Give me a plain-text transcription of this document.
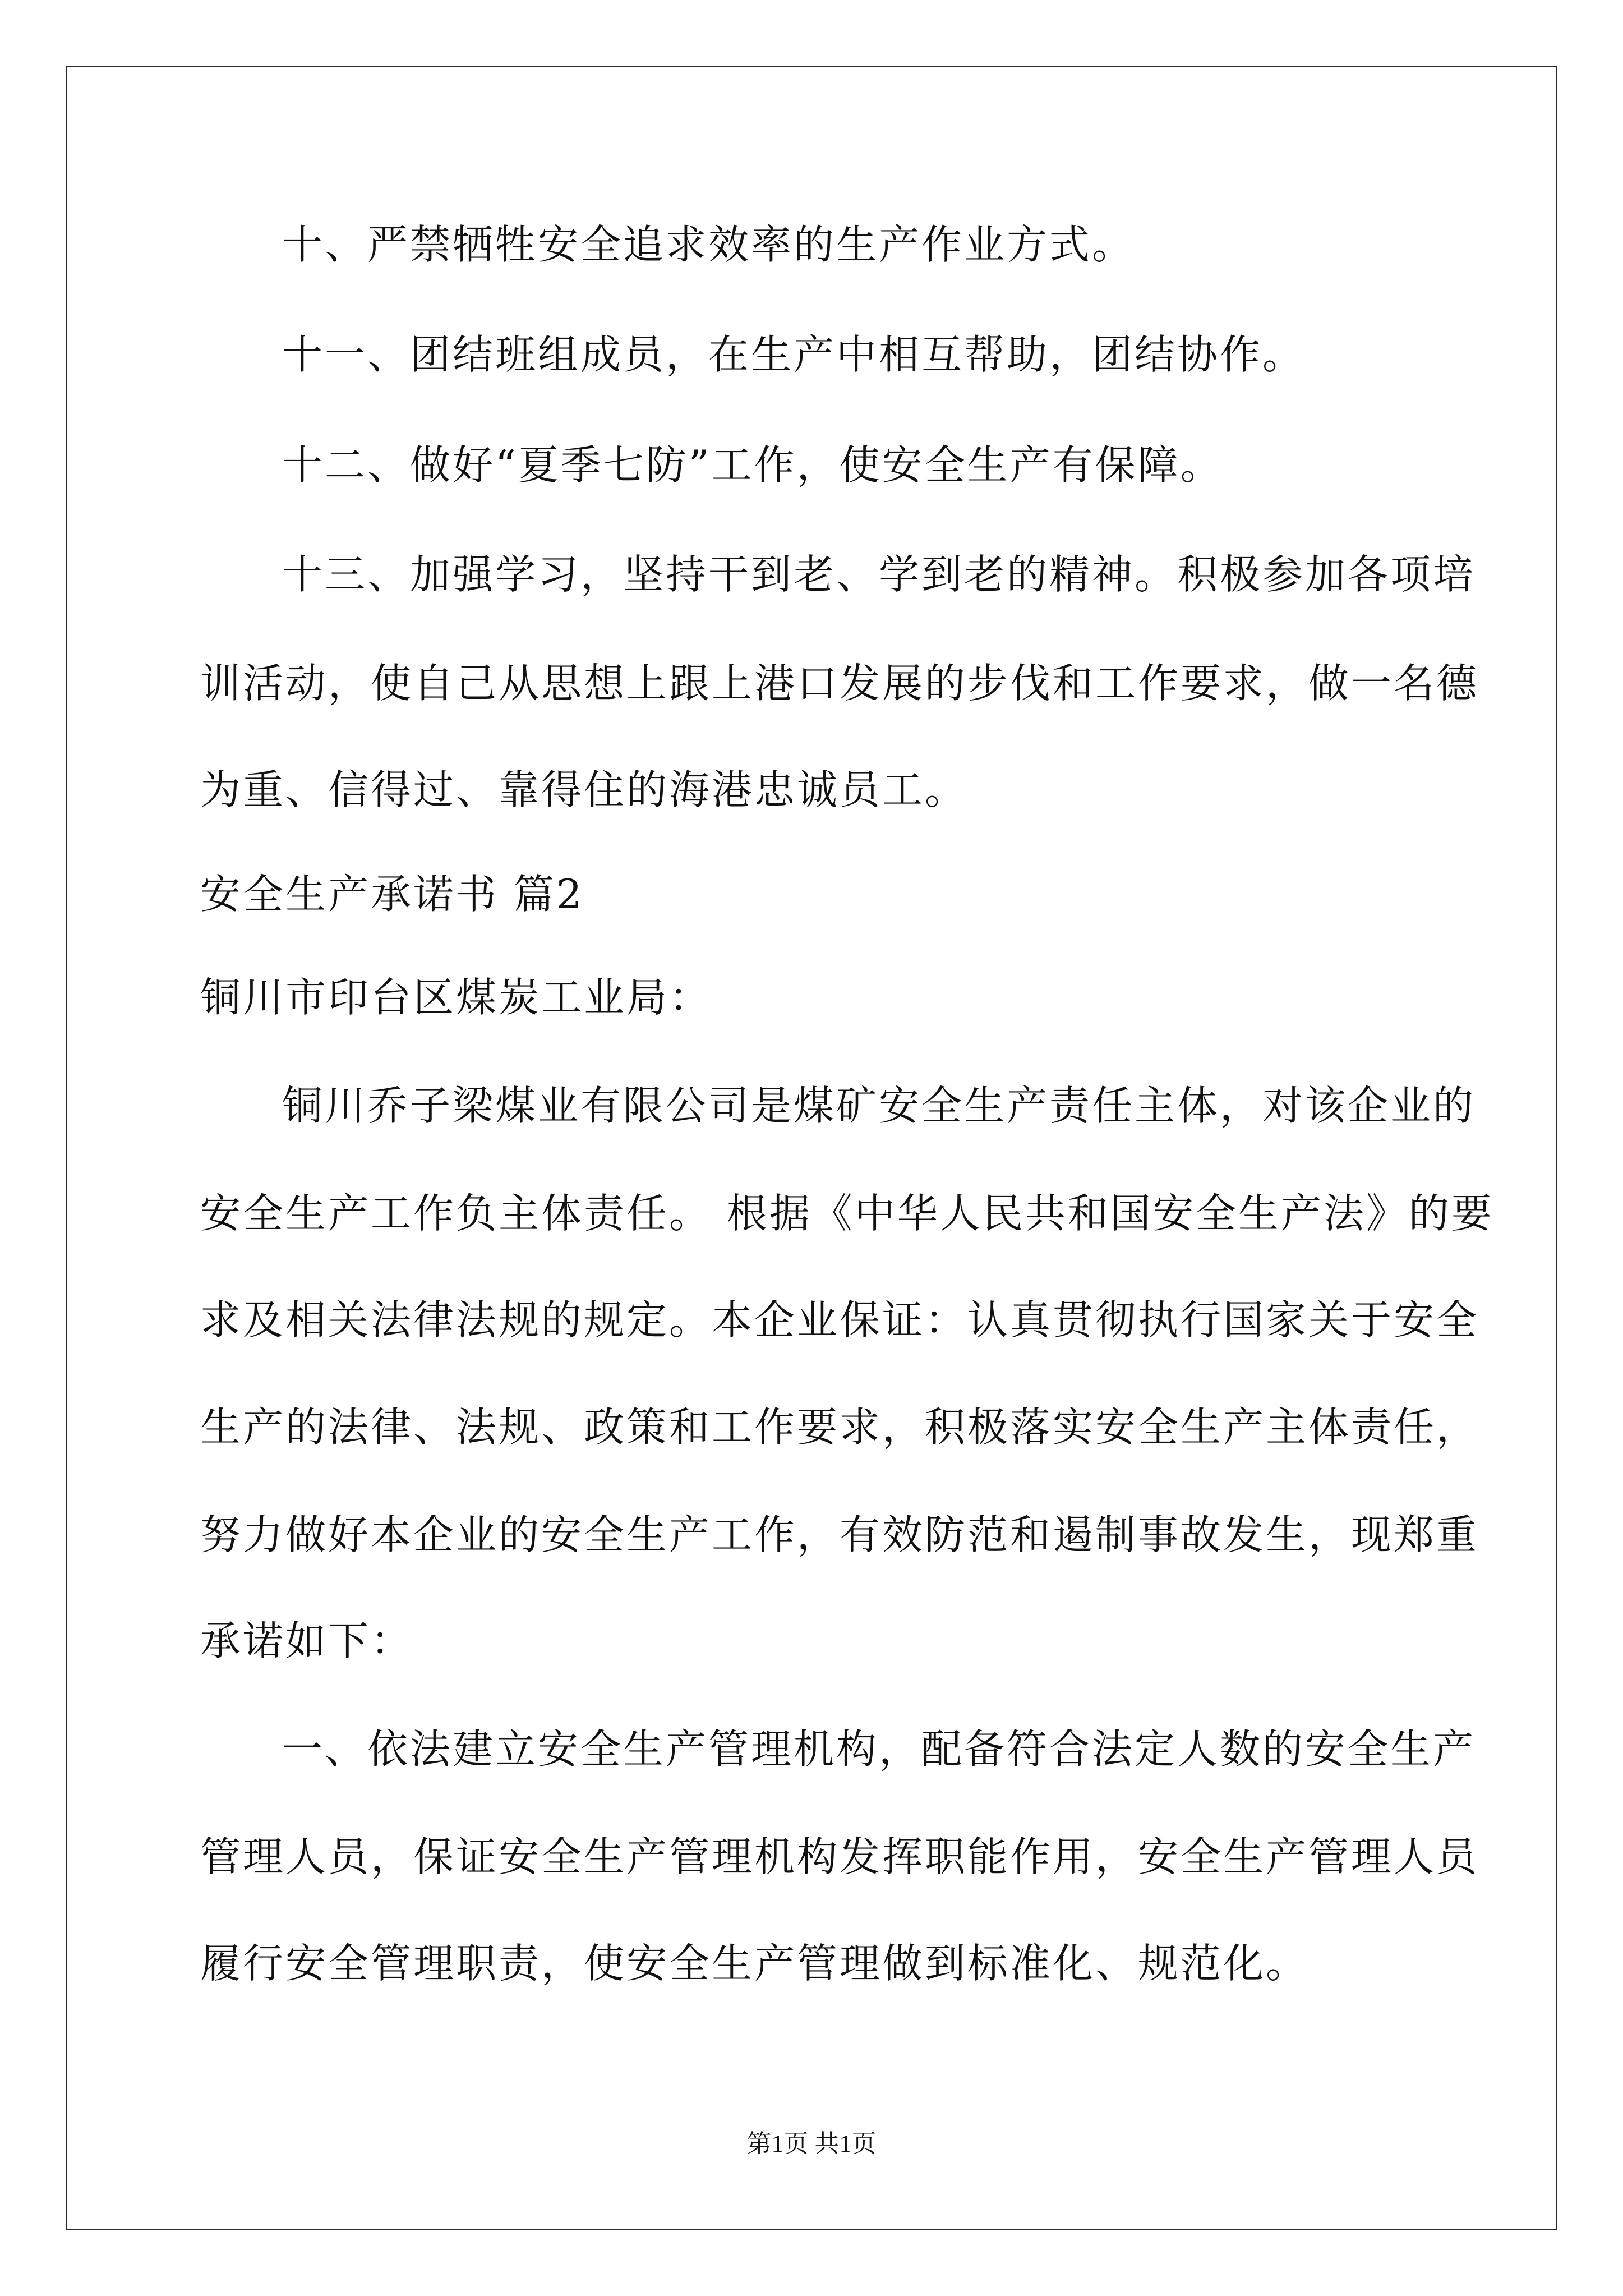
十、严禁牺牲安全追求效率的生产作业方式。
十一、团结班组成员，在生产中相互帮助，团结协作。
十二、做好“夏季七防”工作，使安全生产有保障。
十三、加强学习，坚持干到老、学到老的精神。积极参加各项培
训活动，使自己从思想上跟上港口发展的步伐和工作要求，做一名德
为重、信得过、靠得住的海港忠诚员工。
安全生产承诺书 篇2
铜川市印台区煤炭工业局：
铜川乔子梁煤业有限公司是煤矿安全生产责任主体，对该企业的
安全生产工作负主体责任。 根据《中华人民共和国安全生产法》的要
求及相关法律法规的规定。本企业保证：认真贯彻执行国家关于安全
生产的法律、法规、政策和工作要求，积极落实安全生产主体责任，
努力做好本企业的安全生产工作，有效防范和遏制事故发生，现郑重
承诺如下：
一、依法建立安全生产管理机构，配备符合法定人数的安全生产
管理人员，保证安全生产管理机构发挥职能作用，安全生产管理人员
履行安全管理职责，使安全生产管理做到标准化、规范化。
第1页 共1页
